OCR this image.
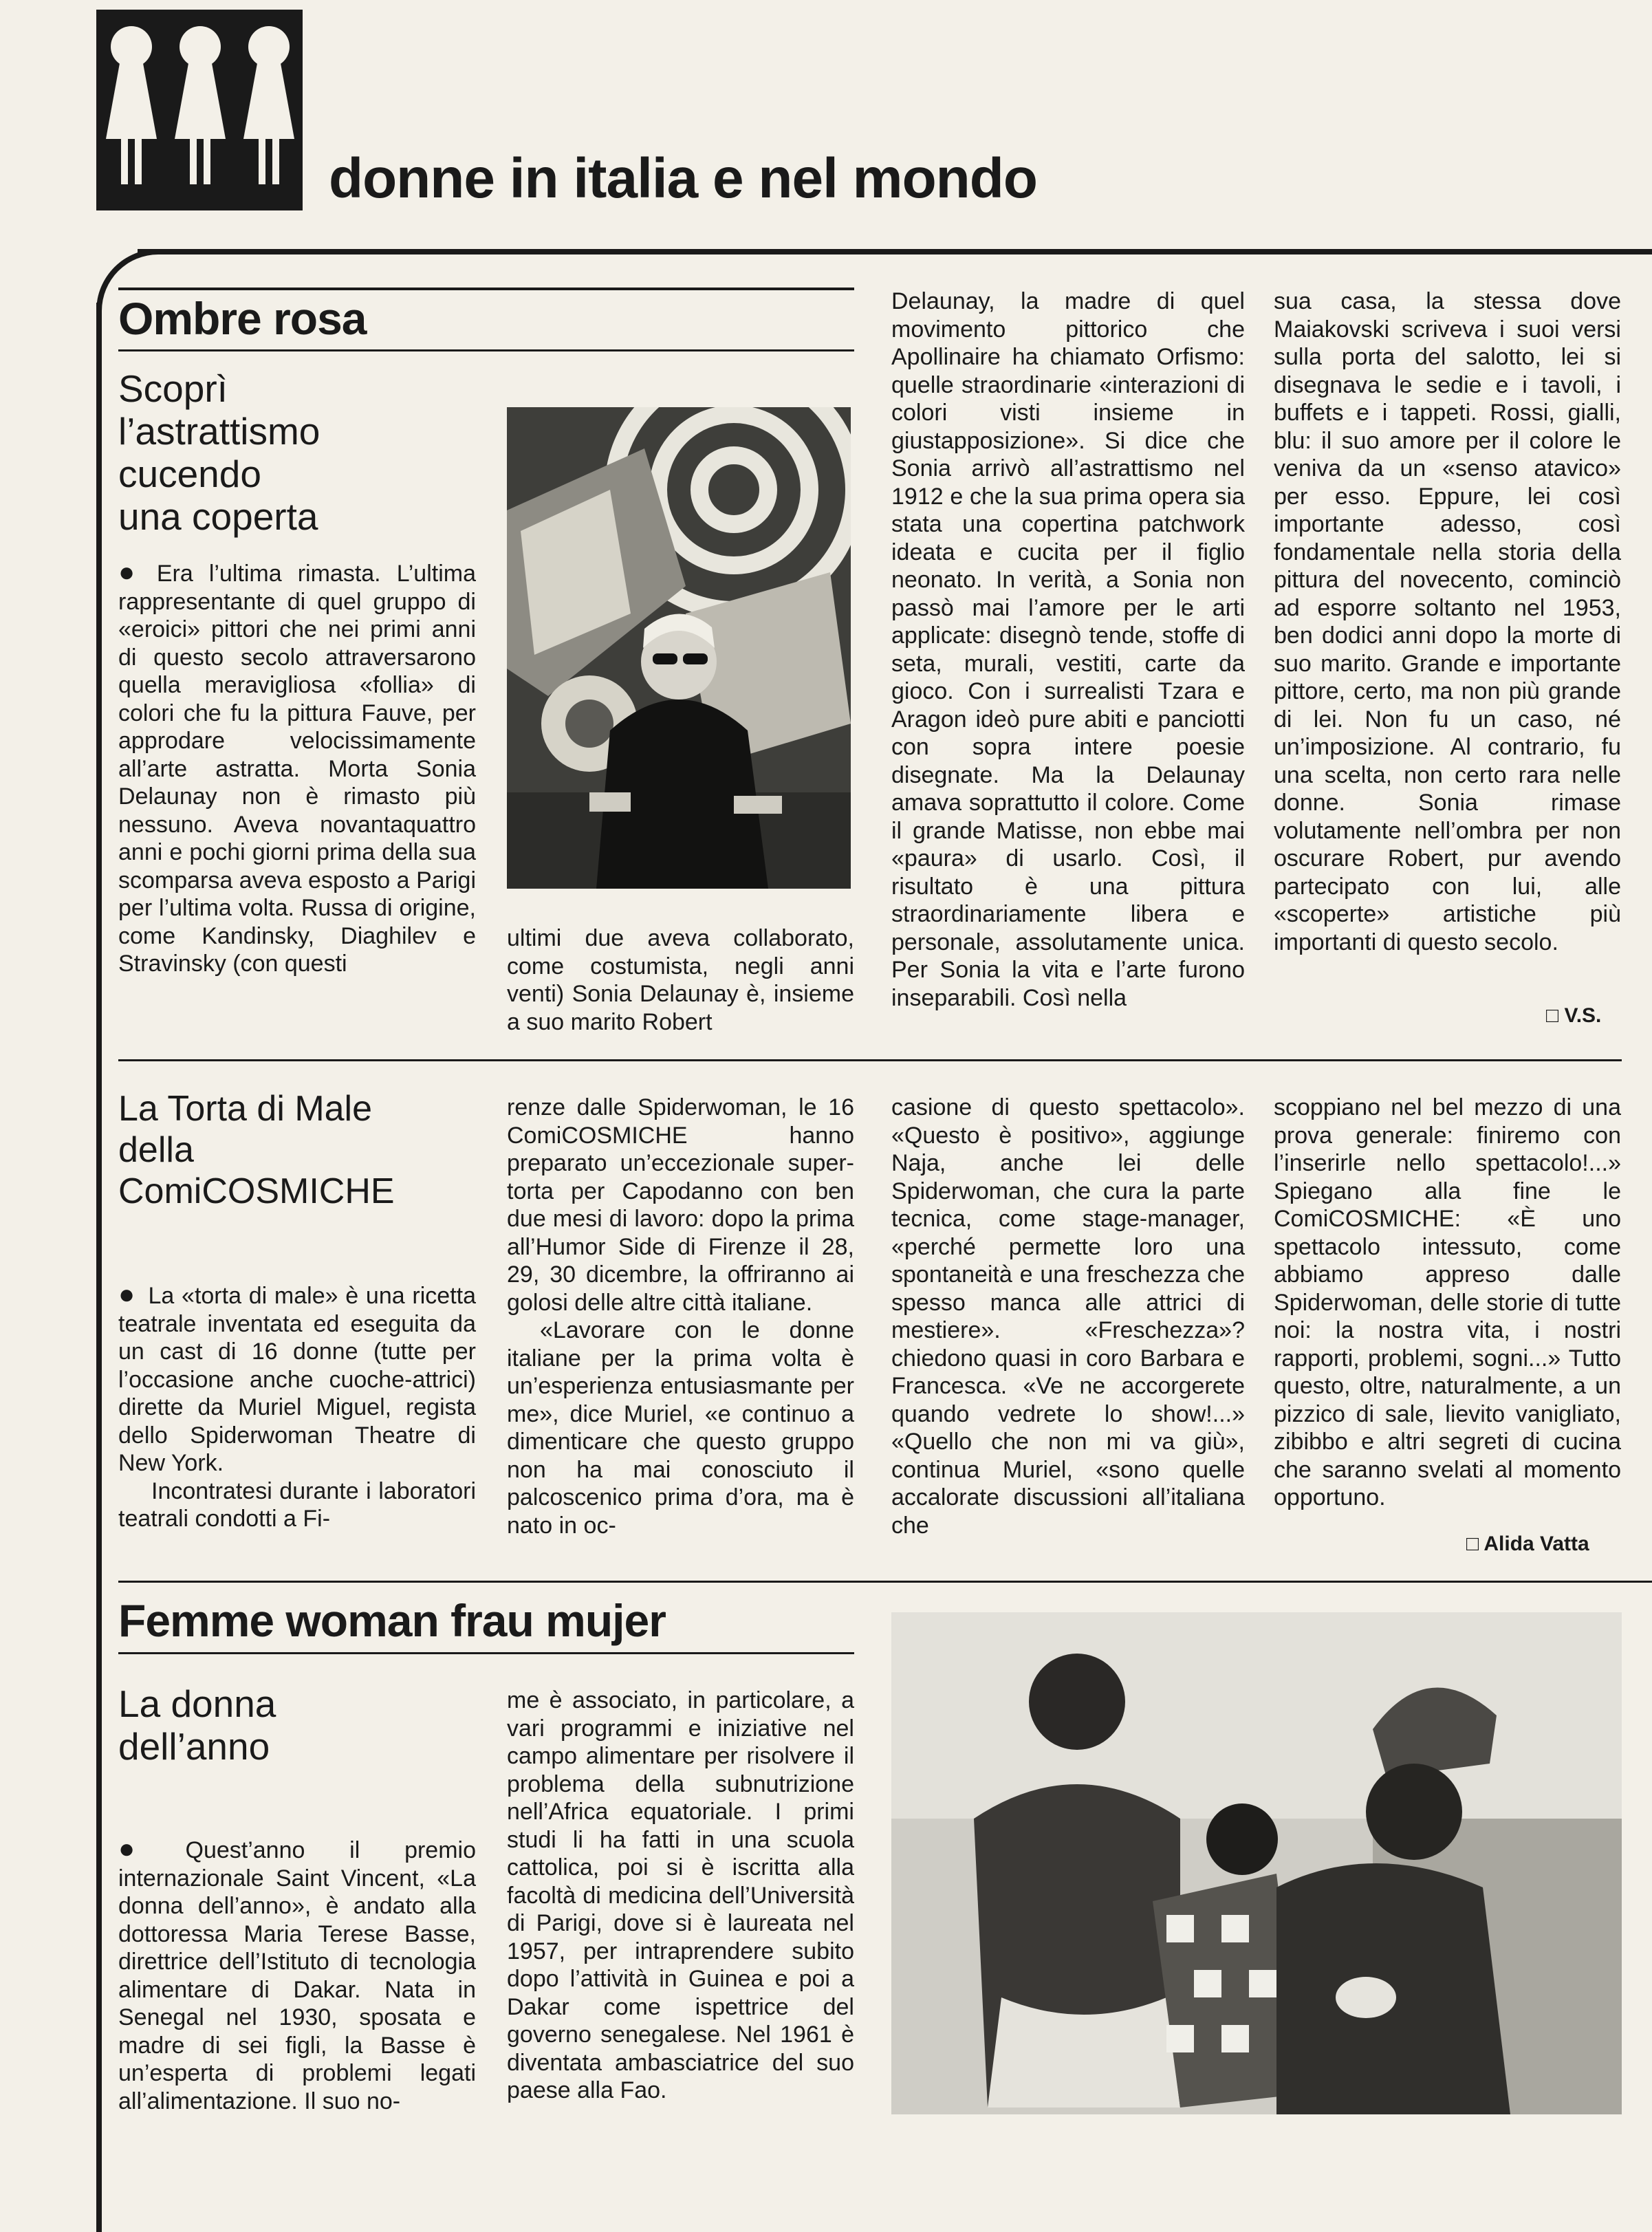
donne in italia e nel mondo
Ombre rosa
Scoprì
l’astrattismo
cucendo
una coperta

● Era l’ultima rimasta. L’ultima rappresentante di quel gruppo di «eroici» pittori che nei primi anni di questo secolo attraversarono quella meravigliosa «follia» di colori che fu la pittura Fauve, per approdare velocissimamente all’arte astratta. Morta Sonia Delaunay non è rimasto più nessuno. Aveva novantaquattro anni e pochi giorni prima della sua scomparsa aveva esposto a Parigi per l’ultima volta. Russa di origine, come Kandinsky, Diaghilev e Stravinsky (con questi

ultimi due aveva collaborato, come costumista, negli anni venti) Sonia Delaunay è, insieme a suo marito Robert

Delaunay, la madre di quel movimento pittorico che Apollinaire ha chiamato Orfismo: quelle straordinarie «interazioni di colori visti insieme in giustapposizione». Si dice che Sonia arrivò all’astrattismo nel 1912 e che la sua prima opera sia stata una copertina patchwork ideata e cucita per il figlio neonato. In verità, a Sonia non passò mai l’amore per le arti applicate: disegnò tende, stoffe di seta, murali, vestiti, carte da gioco. Con i surrealisti Tzara e Aragon ideò pure abiti e panciotti con sopra intere poesie disegnate. Ma la Delaunay amava soprattutto il colore. Come il grande Matisse, non ebbe mai «paura» di usarlo. Così, il risultato è una pittura straordinariamente libera e personale, assolutamente unica. Per Sonia la vita e l’arte furono inseparabili. Così nella

sua casa, la stessa dove Maiakovski scriveva i suoi versi sulla porta del salotto, lei si disegnava le sedie e i tavoli, i buffets e i tappeti. Rossi, gialli, blu: il suo amore per il colore le veniva da un «senso atavico» per esso. Eppure, lei così importante adesso, così fondamentale nella storia della pittura del novecento, cominciò ad esporre soltanto nel 1953, ben dodici anni dopo la morte di suo marito. Grande e importante pittore, certo, ma non più grande di lei. Non fu un caso, né un’imposizione. Al contrario, fu una scelta, non certo rara nelle donne. Sonia rimase volutamente nell’ombra per non oscurare Robert, pur avendo partecipato con lui, alle «scoperte» artistiche più importanti di questo secolo.

□ V.S.
La Torta di Male
della
ComiCOSMICHE

● La «torta di male» è una ricetta teatrale inventata ed eseguita da un cast di 16 donne (tutte per l’occasione anche cuoche-attrici) dirette da Muriel Miguel, regista dello Spiderwoman Theatre di New York.

Incontratesi durante i laboratori teatrali condotti a Fi-

renze dalle Spiderwoman, le 16 ComiCOSMICHE hanno preparato un’eccezionale super-torta per Capodanno con ben due mesi di lavoro: dopo la prima all’Humor Side di Firenze il 28, 29, 30 dicembre, la offriranno ai golosi delle altre città italiane.

«Lavorare con le donne italiane per la prima volta è un’esperienza entusiasmante per me», dice Muriel, «e continuo a dimenticare che questo gruppo non ha mai conosciuto il palcoscenico prima d’ora, ma è nato in oc-

casione di questo spettacolo». «Questo è positivo», aggiunge Naja, anche lei delle Spiderwoman, che cura la parte tecnica, come stage-manager, «perché permette loro una spontaneità e una freschezza che spesso manca alle attrici di mestiere». «Freschezza»? chiedono quasi in coro Barbara e Francesca. «Ve ne accorgerete quando vedrete lo show!...» «Quello che non mi va giù», continua Muriel, «sono quelle accalorate discussioni all’italiana che

scoppiano nel bel mezzo di una prova generale: finiremo con l’inserirle nello spettacolo!...» Spiegano alla fine le ComiCOSMICHE: «È uno spettacolo intessuto, come abbiamo appreso dalle Spiderwoman, delle storie di tutte noi: la nostra vita, i nostri rapporti, problemi, sogni...» Tutto questo, oltre, naturalmente, a un pizzico di sale, lievito vanigliato, zibibbo e altri segreti di cucina che saranno svelati al momento opportuno.

□ Alida Vatta
Femme woman frau mujer
La donna
dell’anno

● Quest’anno il premio internazionale Saint Vincent, «La donna dell’anno», è andato alla dottoressa Maria Terese Basse, direttrice dell’Istituto di tecnologia alimentare di Dakar. Nata in Senegal nel 1930, sposata e madre di sei figli, la Basse è un’esperta di problemi legati all’alimentazione. Il suo no-

me è associato, in particolare, a vari programmi e iniziative nel campo alimentare per risolvere il problema della subnutrizione nell’Africa equatoriale. I primi studi li ha fatti in una scuola cattolica, poi si è iscritta alla facoltà di medicina dell’Università di Parigi, dove si è laureata nel 1957, per intraprendere subito dopo l’attività in Guinea e poi a Dakar come ispettrice del governo senegalese. Nel 1961 è diventata ambasciatrice del suo paese alla Fao.
